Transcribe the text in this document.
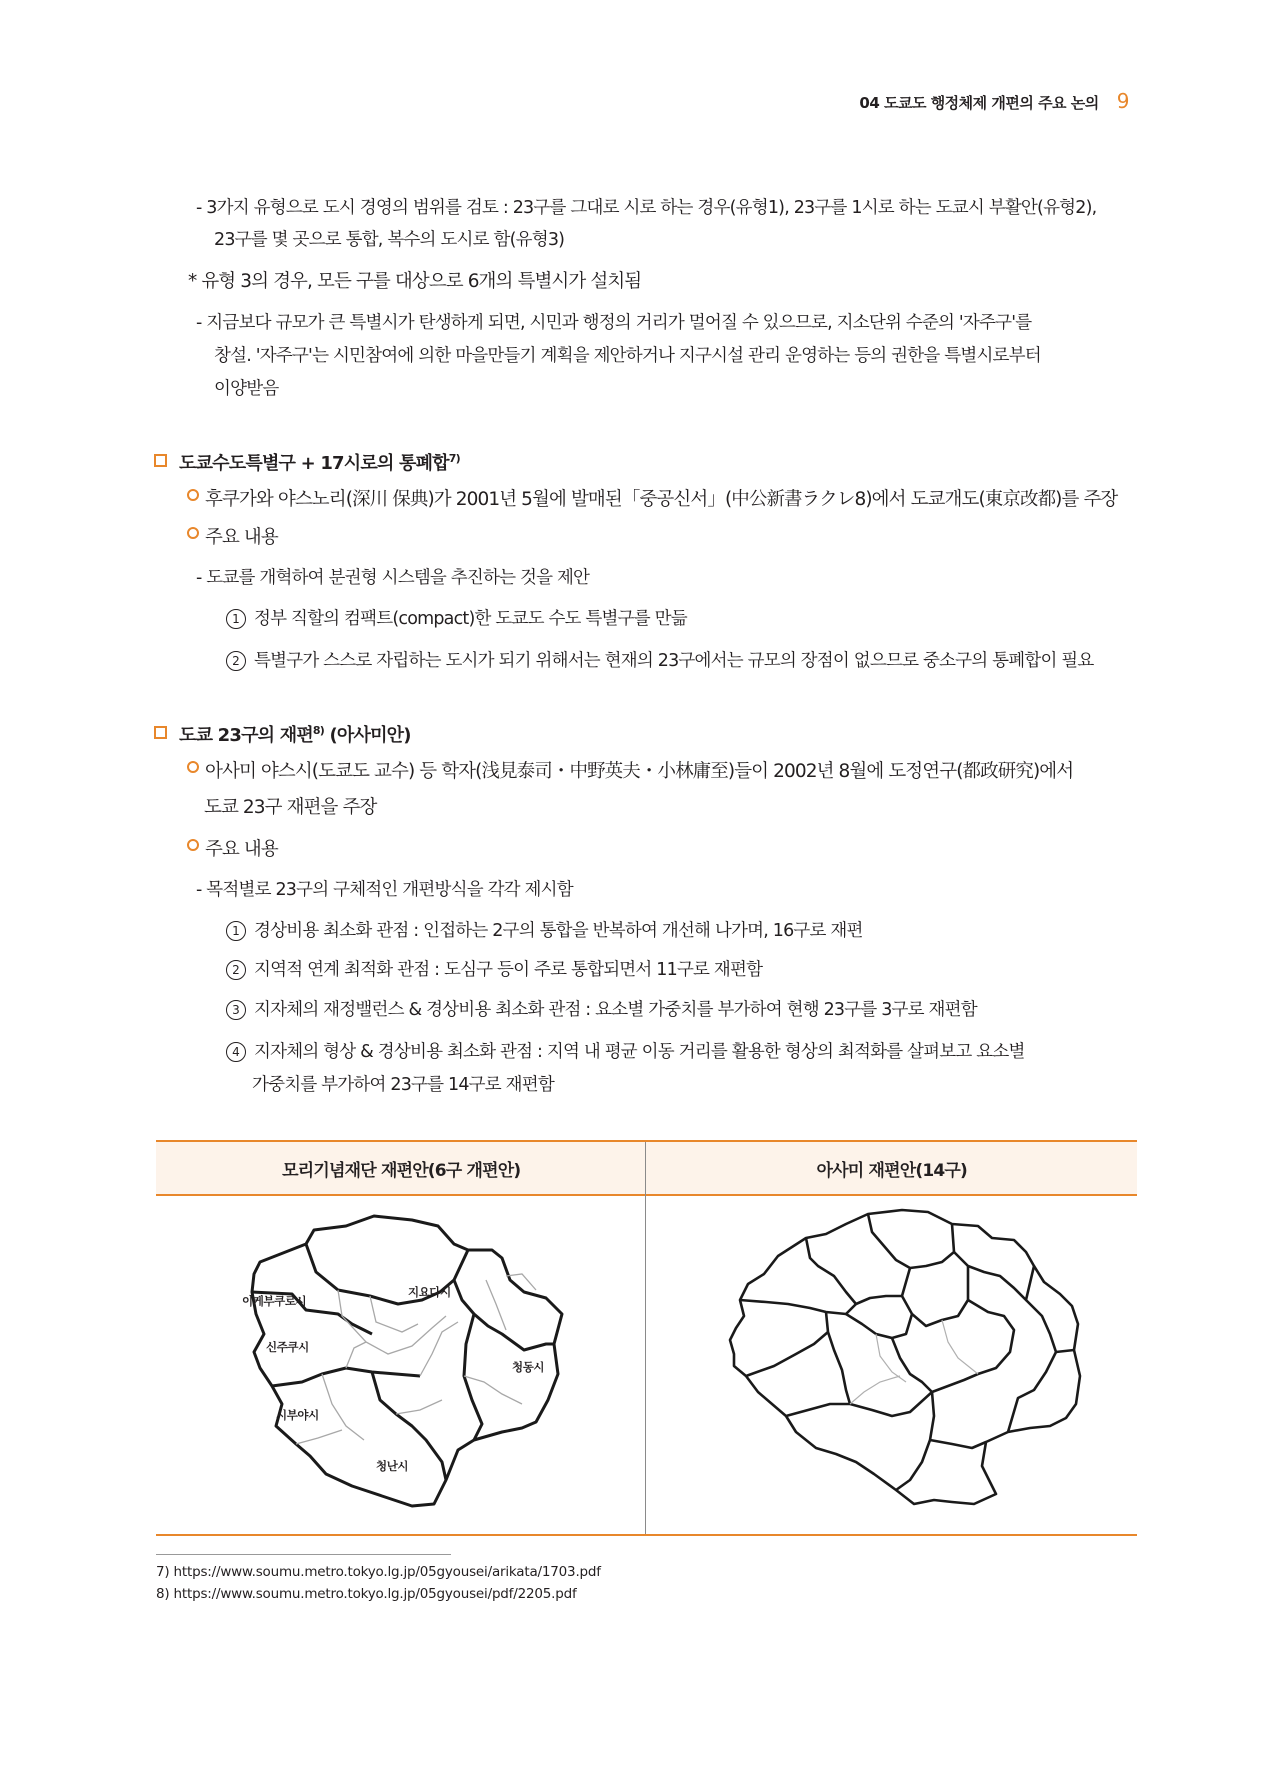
04 도쿄도 행정체제 개편의 주요 논의 9
- 3가지 유형으로 도시 경영의 범위를 검토 : 23구를 그대로 시로 하는 경우(유형1), 23구를 1시로 하는 도쿄시 부활안(유형2),
23구를 몇 곳으로 통합, 복수의 도시로 함(유형3)
* 유형 3의 경우, 모든 구를 대상으로 6개의 특별시가 설치됨
- 지금보다 규모가 큰 특별시가 탄생하게 되면, 시민과 행정의 거리가 멀어질 수 있으므로, 지소단위 수준의 '자주구'를
창설. '자주구'는 시민참여에 의한 마을만들기 계획을 제안하거나 지구시설 관리 운영하는 등의 권한을 특별시로부터
이양받음
도쿄수도특별구 + 17시로의 통폐합$^{7)}$
후쿠가와 야스노리(深川 保典)가 2001년 5월에 발매된「중공신서」(中公新書ラクレ8)에서 도쿄개도(東京改都)를 주장
주요 내용
- 도쿄를 개혁하여 분권형 시스템을 추진하는 것을 제안
1 정부 직할의 컴팩트(compact)한 도쿄도 수도 특별구를 만듦
2 특별구가 스스로 자립하는 도시가 되기 위해서는 현재의 23구에서는 규모의 장점이 없으므로 중소구의 통폐합이 필요
도쿄 23구의 재편$^{8)}$ (아사미안)
아사미 야스시(도쿄도 교수) 등 학자(浅見泰司・中野英夫・小林庸至)들이 2002년 8월에 도정연구(都政研究)에서
도쿄 23구 재편을 주장
주요 내용
- 목적별로 23구의 구체적인 개편방식을 각각 제시함
1 경상비용 최소화 관점 : 인접하는 2구의 통합을 반복하여 개선해 나가며, 16구로 재편
2 지역적 연계 최적화 관점 : 도심구 등이 주로 통합되면서 11구로 재편함
3 지자체의 재정밸런스 & 경상비용 최소화 관점 : 요소별 가중치를 부가하여 현행 23구를 3구로 재편함
4 지자체의 형상 & 경상비용 최소화 관점 : 지역 내 평균 이동 거리를 활용한 형상의 최적화를 살펴보고 요소별
가중치를 부가하여 23구를 14구로 재편함
모리기념재단 재편안(6구 개편안)	아사미 재편안(14구)
이케부쿠로시
지요다시
신주쿠시
청동시
시부야시
청난시
7) https://www.soumu.metro.tokyo.lg.jp/05gyousei/arikata/1703.pdf
8) https://www.soumu.metro.tokyo.lg.jp/05gyousei/pdf/2205.pdf
